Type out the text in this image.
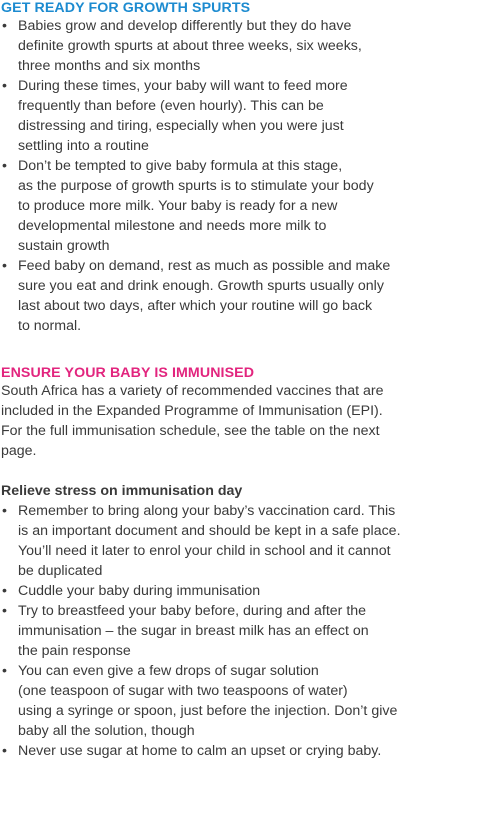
GET READY FOR GROWTH SPURTS
• Babies grow and develop differently but they do have
definite growth spurts at about three weeks, six weeks,
three months and six months
• During these times, your baby will want to feed more
frequently than before (even hourly). This can be
distressing and tiring, especially when you were just
settling into a routine
• Don’t be tempted to give baby formula at this stage,
as the purpose of growth spurts is to stimulate your body
to produce more milk. Your baby is ready for a new
developmental milestone and needs more milk to
sustain growth
• Feed baby on demand, rest as much as possible and make
sure you eat and drink enough. Growth spurts usually only
last about two days, after which your routine will go back
to normal.
ENSURE YOUR BABY IS IMMUNISED

South Africa has a variety of recommended vaccines that are
included in the Expanded Programme of Immunisation (EPI).
For the full immunisation schedule, see the table on the next
page.

Relieve stress on immunisation day

• Remember to bring along your baby’s vaccination card. This
is an important document and should be kept in a safe place.
You’ll need it later to enrol your child in school and it cannot
be duplicated
• Cuddle your baby during immunisation
• Try to breastfeed your baby before, during and after the
immunisation – the sugar in breast milk has an effect on
the pain response
• You can even give a few drops of sugar solution
(one teaspoon of sugar with two teaspoons of water)
using a syringe or spoon, just before the injection. Don’t give
baby all the solution, though
• Never use sugar at home to calm an upset or crying baby.
